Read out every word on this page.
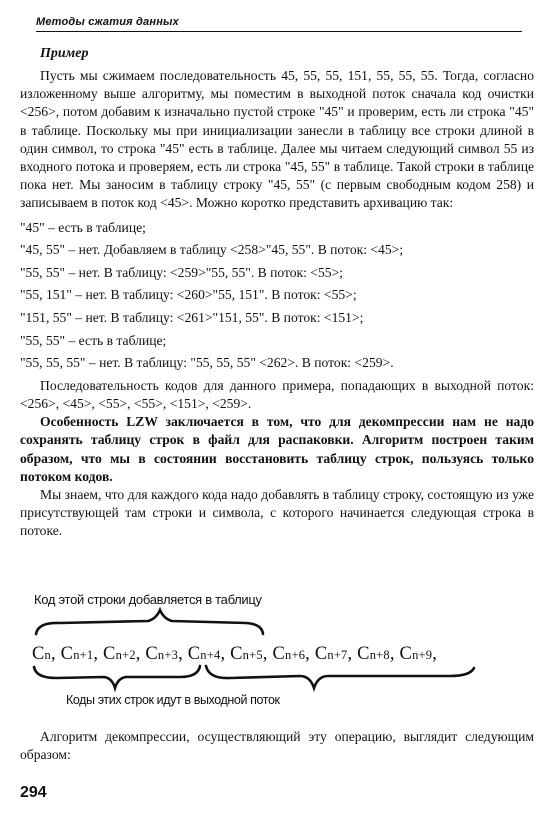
Методы сжатия данных
Пример

Пусть мы сжимаем последовательность 45, 55, 55, 151, 55, 55, 55. Тогда, согласно изложенному выше алгоритму, мы поместим в выходной поток сначала код очистки <256>, потом добавим к изначально пустой строке "45" и проверим, есть ли строка "45" в таблице. Поскольку мы при инициализации занесли в таблицу все строки длиной в один символ, то строка "45" есть в таблице. Далее мы читаем следующий символ 55 из входного потока и проверяем, есть ли строка "45, 55" в таблице. Такой строки в таблице пока нет. Мы заносим в таблицу строку "45, 55" (с первым свободным кодом 258) и записываем в поток код <45>. Можно коротко представить архивацию так:

"45" – есть в таблице;
"45, 55" – нет. Добавляем в таблицу <258>"45, 55". В поток: <45>;
"55, 55" – нет. В таблицу: <259>"55, 55". В поток: <55>;
"55, 151" – нет. В таблицу: <260>"55, 151". В поток: <55>;
"151, 55" – нет. В таблицу: <261>"151, 55". В поток: <151>;
"55, 55" – есть в таблице;
"55, 55, 55" – нет. В таблицу: "55, 55, 55" <262>. В поток: <259>.

Последовательность кодов для данного примера, попадающих в выходной поток: <256>, <45>, <55>, <55>, <151>, <259>.

Особенность LZW заключается в том, что для декомпрессии нам не надо сохранять таблицу строк в файл для распаковки. Алгоритм построен таким образом, что мы в состоянии восстановить таблицу строк, пользуясь только потоком кодов.

Мы знаем, что для каждого кода надо добавлять в таблицу строку, состоящую из уже присутствующей там строки и символа, с которого начинается следующая строка в потоке.

Код этой строки добавляется в таблицу
Cn, Cn+1, Cn+2, Cn+3, Cn+4, Cn+5, Cn+6, Cn+7, Cn+8, Cn+9,
Коды этих строк идут в выходной поток

Алгоритм декомпрессии, осуществляющий эту операцию, выглядит следующим образом:

294
